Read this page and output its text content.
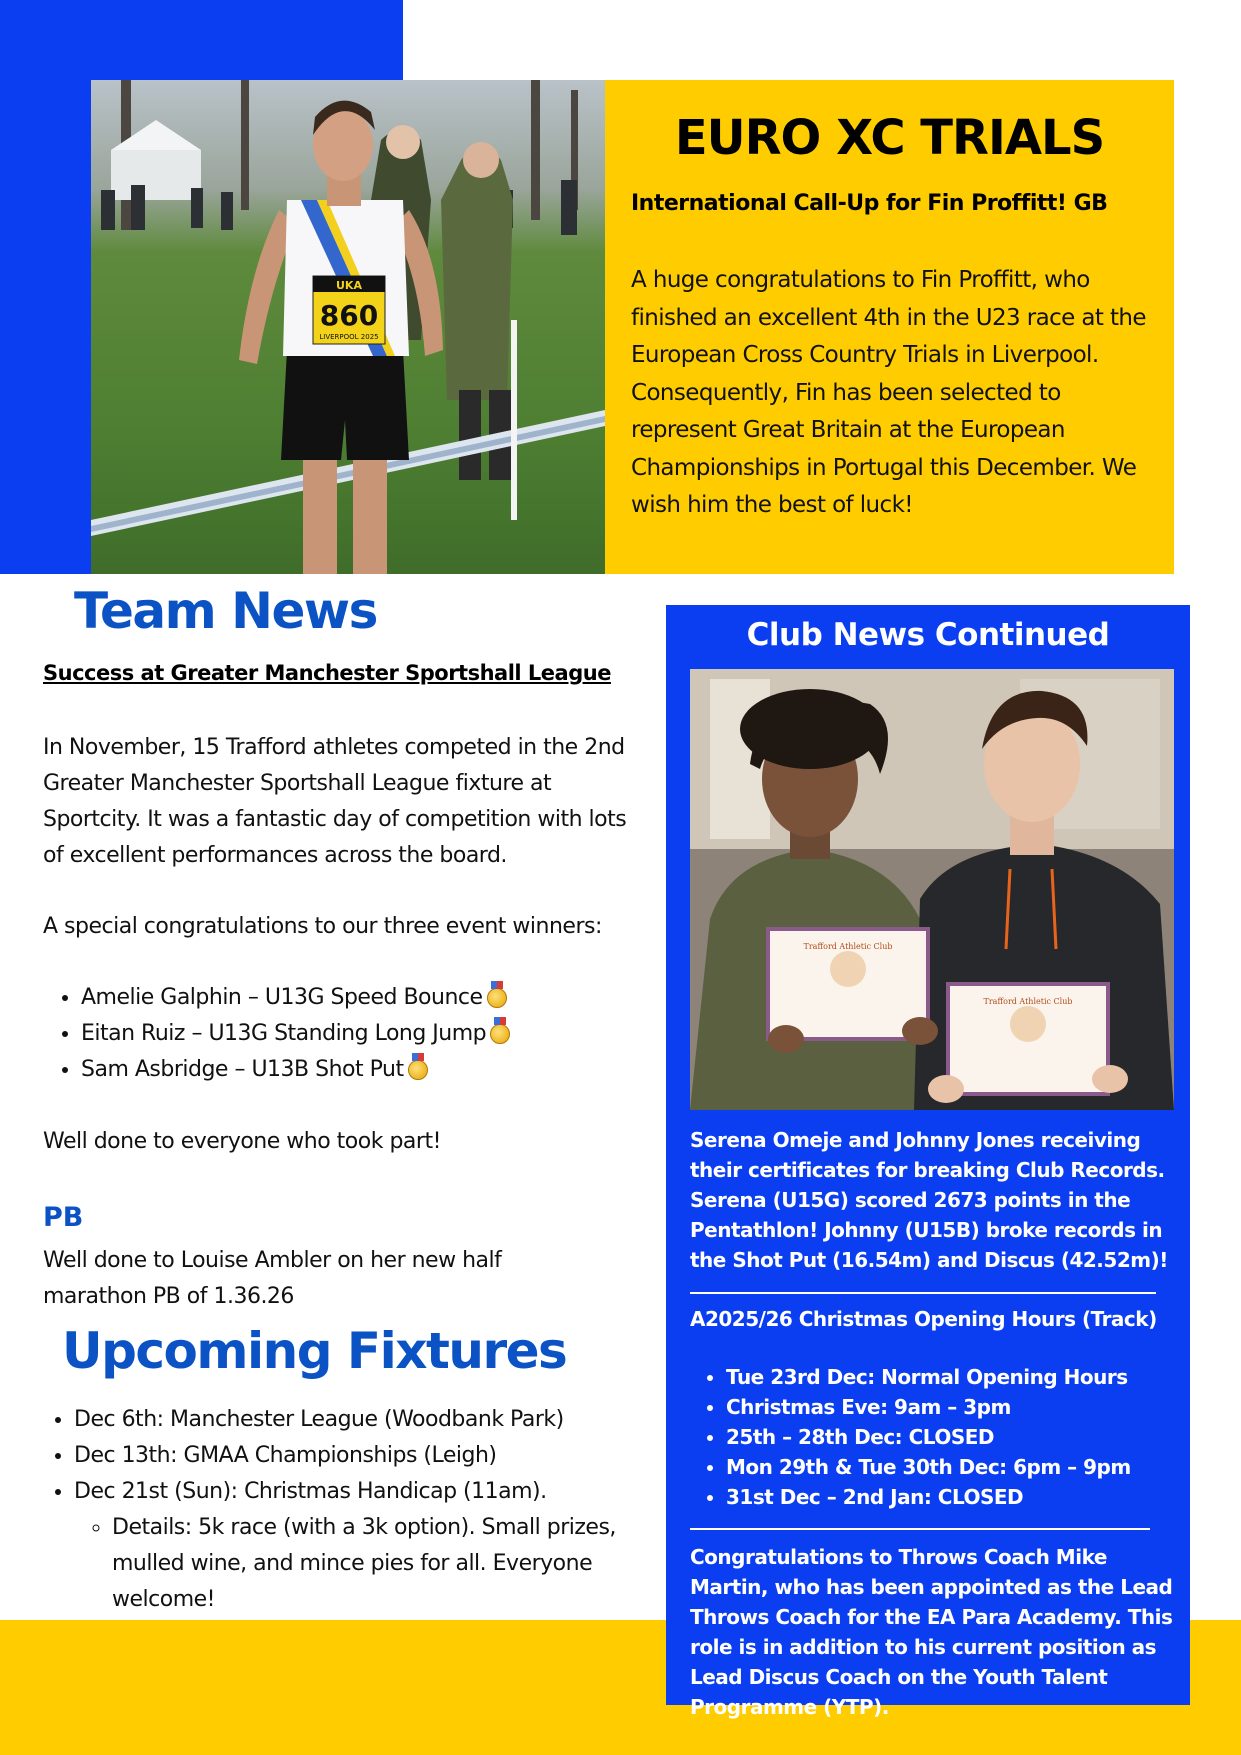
UKA
860
LIVERPOOL 2025
EURO XC TRIALS
International Call-Up for Fin Proffitt! GB

A huge congratulations to Fin Proffitt, who finished an excellent 4th in the U23 race at the European Cross Country Trials in Liverpool.

Consequently, Fin has been selected to represent Great Britain at the European Championships in Portugal this December. We wish him the best of luck!

Team News
Success at Greater Manchester Sportshall League
In November, 15 Trafford athletes competed in the 2nd Greater Manchester Sportshall League fixture at Sportcity. It was a fantastic day of competition with lots of excellent performances across the board.
A special congratulations to our three event winners:
• Amelie Galphin – U13G Speed Bounce
• Eitan Ruiz – U13G Standing Long Jump
• Sam Asbridge – U13B Shot Put
Well done to everyone who took part!
PB
Well done to Louise Ambler on her new half marathon PB of 1.36.26
Upcoming Fixtures
• Dec 6th: Manchester League (Woodbank Park)
• Dec 13th: GMAA Championships (Leigh)
• Dec 21st (Sun): Christmas Handicap (11am).
◦ Details: 5k race (with a 3k option). Small prizes, mulled wine, and mince pies for all. Everyone welcome!
Club News Continued
Trafford Athletic Club
Trafford Athletic Club
Serena Omeje and Johnny Jones receiving their certificates for breaking Club Records. Serena (U15G) scored 2673 points in the Pentathlon! Johnny (U15B) broke records in the Shot Put (16.54m) and Discus (42.52m)!
A2025/26 Christmas Opening Hours (Track)
• Tue 23rd Dec: Normal Opening Hours
• Christmas Eve: 9am – 3pm
• 25th – 28th Dec: CLOSED
• Mon 29th & Tue 30th Dec: 6pm – 9pm
• 31st Dec – 2nd Jan: CLOSED
Congratulations to Throws Coach Mike Martin, who has been appointed as the Lead Throws Coach for the EA Para Academy. This role is in addition to his current position as Lead Discus Coach on the Youth Talent Programme (YTP).
